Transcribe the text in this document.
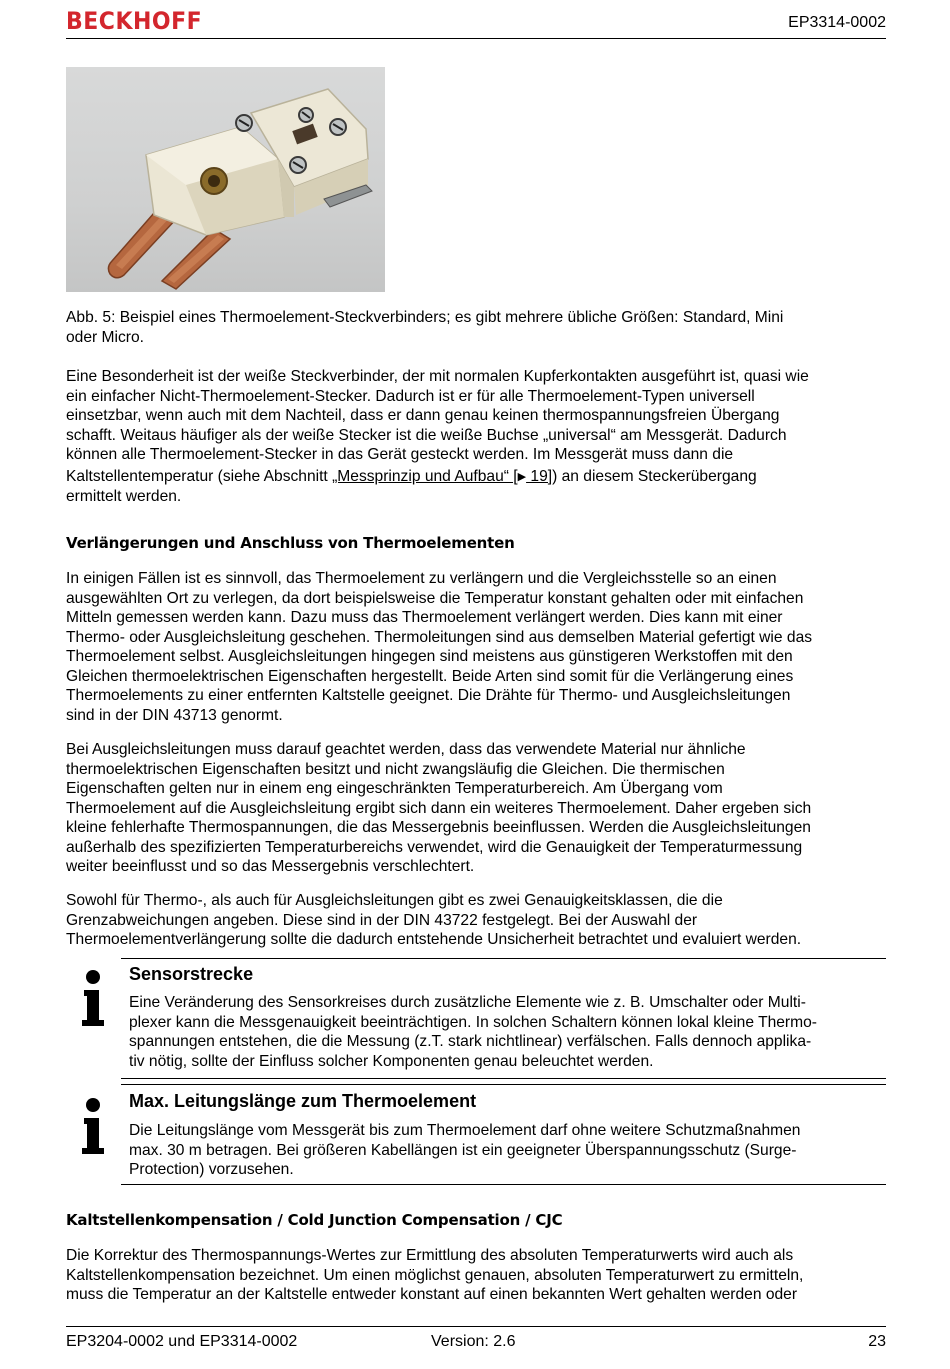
BECKHOFF	EP3314-0002
Abb. 5: Beispiel eines Thermoelement-Steckverbinders; es gibt mehrere übliche Größen: Standard, Mini
oder Micro.
Eine Besonderheit ist der weiße Steckverbinder, der mit normalen Kupferkontakten ausgeführt ist, quasi wie
ein einfacher Nicht-Thermoelement-Stecker. Dadurch ist er für alle Thermoelement-Typen universell
einsetzbar, wenn auch mit dem Nachteil, dass er dann genau keinen thermospannungsfreien Übergang
schafft. Weitaus häufiger als der weiße Stecker ist die weiße Buchse „universal“ am Messgerät. Dadurch
können alle Thermoelement-Stecker in das Gerät gesteckt werden. Im Messgerät muss dann die
Kaltstellentemperatur (siehe Abschnitt „Messprinzip und Aufbau“ [▶ 19]) an diesem Steckerübergang
ermittelt werden.
Verlängerungen und Anschluss von Thermoelementen
In einigen Fällen ist es sinnvoll, das Thermoelement zu verlängern und die Vergleichsstelle so an einen
ausgewählten Ort zu verlegen, da dort beispielsweise die Temperatur konstant gehalten oder mit einfachen
Mitteln gemessen werden kann. Dazu muss das Thermoelement verlängert werden. Dies kann mit einer
Thermo- oder Ausgleichsleitung geschehen. Thermoleitungen sind aus demselben Material gefertigt wie das
Thermoelement selbst. Ausgleichsleitungen hingegen sind meistens aus günstigeren Werkstoffen mit den
Gleichen thermoelektrischen Eigenschaften hergestellt. Beide Arten sind somit für die Verlängerung eines
Thermoelements zu einer entfernten Kaltstelle geeignet. Die Drähte für Thermo- und Ausgleichsleitungen
sind in der DIN 43713 genormt.
Bei Ausgleichsleitungen muss darauf geachtet werden, dass das verwendete Material nur ähnliche
thermoelektrischen Eigenschaften besitzt und nicht zwangsläufig die Gleichen. Die thermischen
Eigenschaften gelten nur in einem eng eingeschränkten Temperaturbereich. Am Übergang vom
Thermoelement auf die Ausgleichsleitung ergibt sich dann ein weiteres Thermoelement. Daher ergeben sich
kleine fehlerhafte Thermospannungen, die das Messergebnis beeinflussen. Werden die Ausgleichsleitungen
außerhalb des spezifizierten Temperaturbereichs verwendet, wird die Genauigkeit der Temperaturmessung
weiter beeinflusst und so das Messergebnis verschlechtert.
Sowohl für Thermo-, als auch für Ausgleichsleitungen gibt es zwei Genauigkeitsklassen, die die
Grenzabweichungen angeben. Diese sind in der DIN 43722 festgelegt. Bei der Auswahl der
Thermoelementverlängerung sollte die dadurch entstehende Unsicherheit betrachtet und evaluiert werden.
Sensorstrecke
Eine Veränderung des Sensorkreises durch zusätzliche Elemente wie z. B. Umschalter oder Multi-
plexer kann die Messgenauigkeit beeinträchtigen. In solchen Schaltern können lokal kleine Thermo-
spannungen entstehen, die die Messung (z.T. stark nichtlinear) verfälschen. Falls dennoch applika-
tiv nötig, sollte der Einfluss solcher Komponenten genau beleuchtet werden.
Max. Leitungslänge zum Thermoelement
Die Leitungslänge vom Messgerät bis zum Thermoelement darf ohne weitere Schutzmaßnahmen
max. 30 m betragen. Bei größeren Kabellängen ist ein geeigneter Überspannungsschutz (Surge-
Protection) vorzusehen.
Kaltstellenkompensation / Cold Junction Compensation / CJC
Die Korrektur des Thermospannungs-Wertes zur Ermittlung des absoluten Temperaturwerts wird auch als
Kaltstellenkompensation bezeichnet. Um einen möglichst genauen, absoluten Temperaturwert zu ermitteln,
muss die Temperatur an der Kaltstelle entweder konstant auf einen bekannten Wert gehalten werden oder
EP3204-0002 und EP3314-0002	Version: 2.6	23
